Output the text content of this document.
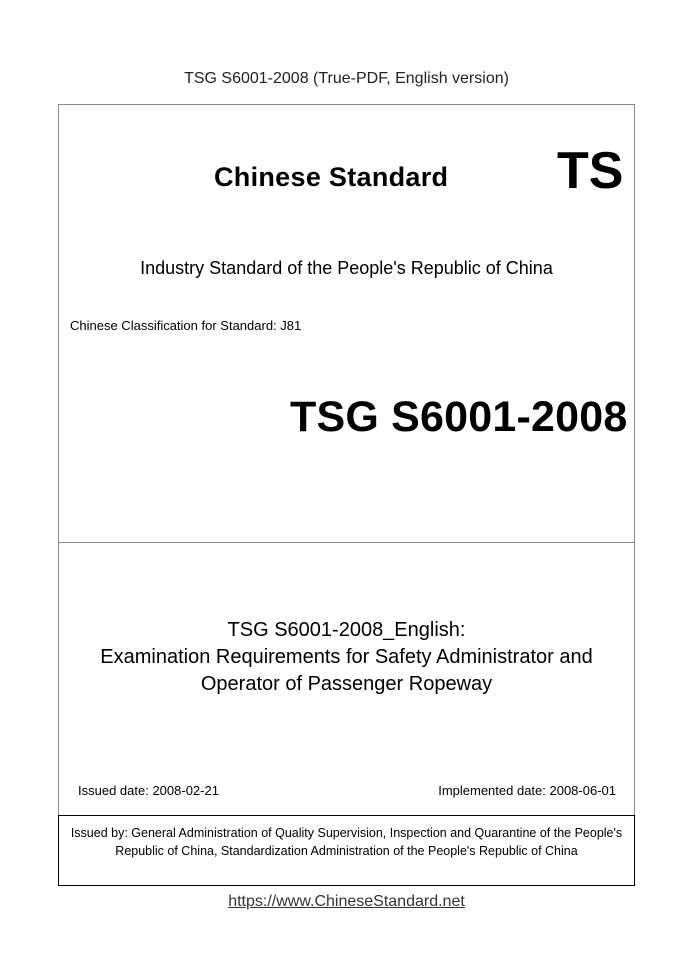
TSG S6001-2008 (True-PDF, English version)
Chinese Standard TS
Industry Standard of the People's Republic of China
Chinese Classification for Standard: J81
TSG S6001-2008
TSG S6001-2008_English:
Examination Requirements for Safety Administrator and
Operator of Passenger Ropeway
Issued date: 2008-02-21	Implemented date: 2008-06-01
Issued by: General Administration of Quality Supervision, Inspection and Quarantine of the People's Republic of China, Standardization Administration of the People's Republic of China
https://www.ChineseStandard.net
